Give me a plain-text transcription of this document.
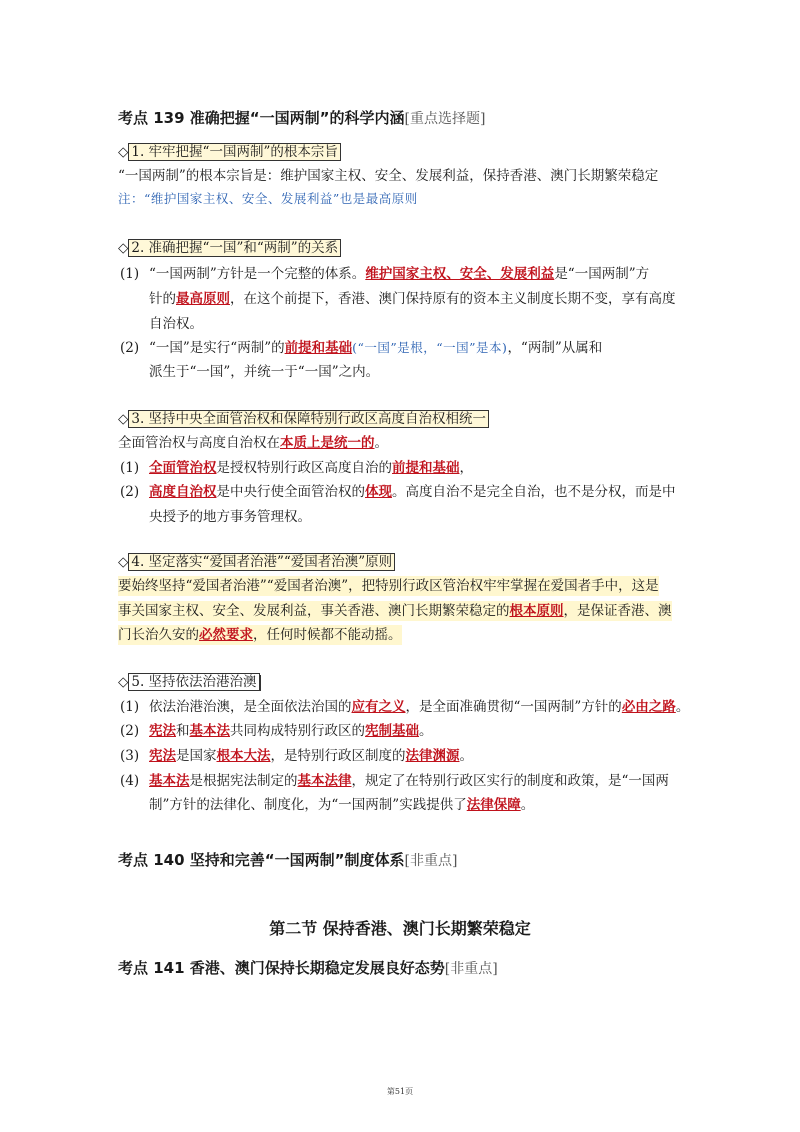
考点 139 准确把握“一国两制”的科学内涵[重点选择题]
◇ 1. 牢牢把握“一国两制”的根本宗旨
“一国两制”的根本宗旨是：维护国家主权、安全、发展利益，保持香港、澳门长期繁荣稳定
注：“维护国家主权、安全、发展利益”也是最高原则
◇ 2. 准确把握“一国”和“两制”的关系
(1) “一国两制”方针是一个完整的体系。维护国家主权、安全、发展利益是“一国两制”方
针的最高原则，在这个前提下，香港、澳门保持原有的资本主义制度长期不变，享有高度
自治权。
(2) “一国”是实行“两制”的前提和基础(“一国”是根，“一国”是本)，“两制”从属和
派生于“一国”，并统一于“一国”之内。
◇ 3. 坚持中央全面管治权和保障特别行政区高度自治权相统一
全面管治权与高度自治权在本质上是统一的。
(1) 全面管治权是授权特别行政区高度自治的前提和基础，
(2) 高度自治权是中央行使全面管治权的体现。高度自治不是完全自治，也不是分权，而是中
央授予的地方事务管理权。
◇ 4. 坚定落实“爱国者治港”“爱国者治澳”原则
要始终坚持“爱国者治港”“爱国者治澳”，把特别行政区管治权牢牢掌握在爱国者手中，这是
事关国家主权、安全、发展利益，事关香港、澳门长期繁荣稳定的根本原则，是保证香港、澳
门长治久安的必然要求，任何时候都不能动摇。
◇ 5. 坚持依法治港治澳
(1) 依法治港治澳，是全面依法治国的应有之义，是全面准确贯彻“一国两制”方针的必由之路。
(2) 宪法和基本法共同构成特别行政区的宪制基础。
(3) 宪法是国家根本大法，是特别行政区制度的法律渊源。
(4) 基本法是根据宪法制定的基本法律，规定了在特别行政区实行的制度和政策，是“一国两
制”方针的法律化、制度化，为“一国两制”实践提供了法律保障。
考点 140 坚持和完善“一国两制”制度体系[非重点]
第二节 保持香港、澳门长期繁荣稳定
考点 141 香港、澳门保持长期稳定发展良好态势[非重点]
第51页
